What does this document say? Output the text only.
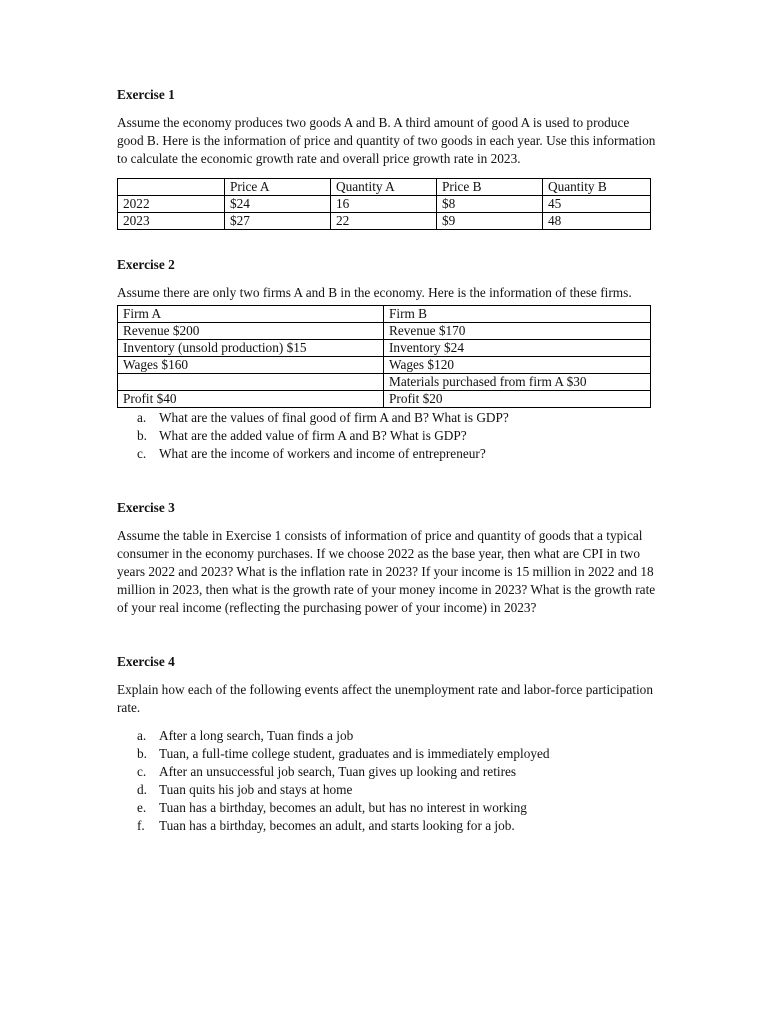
Exercise 1

Assume the economy produces two goods A and B. A third amount of good A is used to produce good B. Here is the information of price and quantity of two goods in each year. Use this information to calculate the economic growth rate and overall price growth rate in 2023.

	Price A	Quantity A	Price B	Quantity B
2022	$24	16	$8	45
2023	$27	22	$9	48

Exercise 2

Assume there are only two firms A and B in the economy. Here is the information of these firms.

Firm A	Firm B
Revenue $200	Revenue $170
Inventory (unsold production) $15	Inventory $24
Wages $160	Wages $120
	Materials purchased from firm A $30
Profit $40	Profit $20
a. What are the values of final good of firm A and B? What is GDP?
b. What are the added value of firm A and B? What is GDP?
c. What are the income of workers and income of entrepreneur?

Exercise 3

Assume the table in Exercise 1 consists of information of price and quantity of goods that a typical consumer in the economy purchases. If we choose 2022 as the base year, then what are CPI in two years 2022 and 2023? What is the inflation rate in 2023? If your income is 15 million in 2022 and 18 million in 2023, then what is the growth rate of your money income in 2023? What is the growth rate of your real income (reflecting the purchasing power of your income) in 2023?

Exercise 4

Explain how each of the following events affect the unemployment rate and labor-force participation rate.

a. After a long search, Tuan finds a job
b. Tuan, a full-time college student, graduates and is immediately employed
c. After an unsuccessful job search, Tuan gives up looking and retires
d. Tuan quits his job and stays at home
e. Tuan has a birthday, becomes an adult, but has no interest in working
f.	Tuan has a birthday, becomes an adult, and starts looking for a job.
